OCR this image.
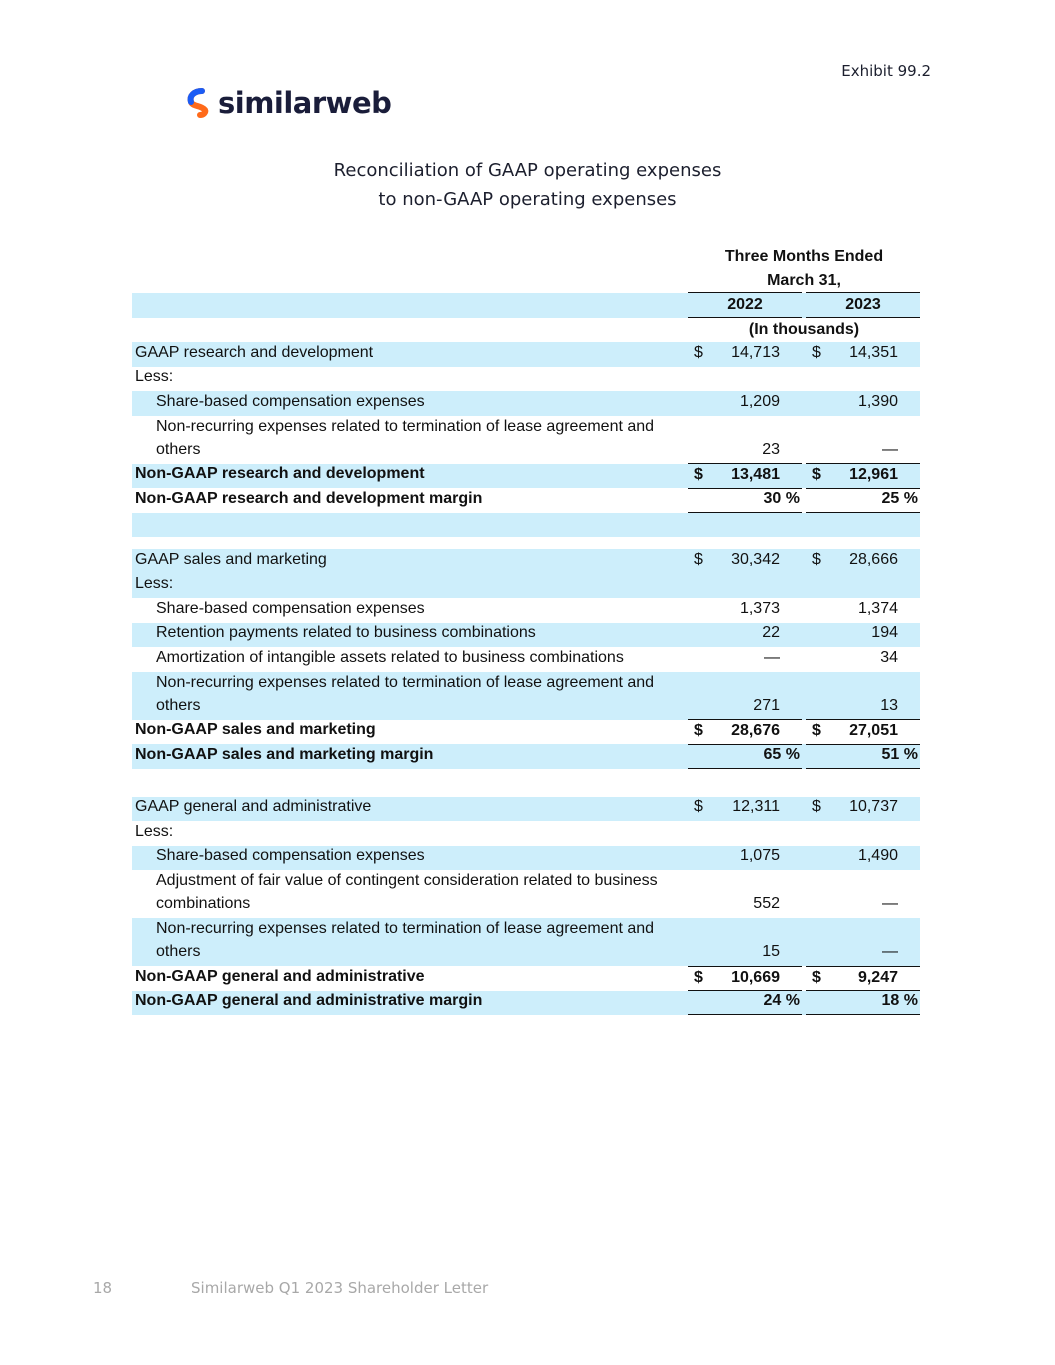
Exhibit 99.2
similarweb
Reconciliation of GAAP operating expenses
to non-GAAP operating expenses
Three Months Ended
March 31,
2022	2023
(In thousands)
GAAP research and development	$ 14,713 $ 14,351
Less:
Share-based compensation expenses	1,209	1,390
Non-recurring expenses related to termination of lease agreement and others	23	—
Non-GAAP research and development	$ 13,481 $ 12,961
Non-GAAP research and development margin	30 %	25 %
GAAP sales and marketing	$ 30,342 $ 28,666
Less:
Share-based compensation expenses	1,373	1,374
Retention payments related to business combinations	22	194
Amortization of intangible assets related to business combinations	—	34
Non-recurring expenses related to termination of lease agreement and others	271	13
Non-GAAP sales and marketing	$ 28,676 $ 27,051
Non-GAAP sales and marketing margin	65 %	51 %
GAAP general and administrative	$ 12,311 $ 10,737
Less:
Share-based compensation expenses	1,075	1,490
Adjustment of fair value of contingent consideration related to business combinations	552	—
Non-recurring expenses related to termination of lease agreement and others	15	—
Non-GAAP general and administrative	$ 10,669 $ 9,247
Non-GAAP general and administrative margin	24 %	18 %
18	Similarweb Q1 2023 Shareholder Letter
